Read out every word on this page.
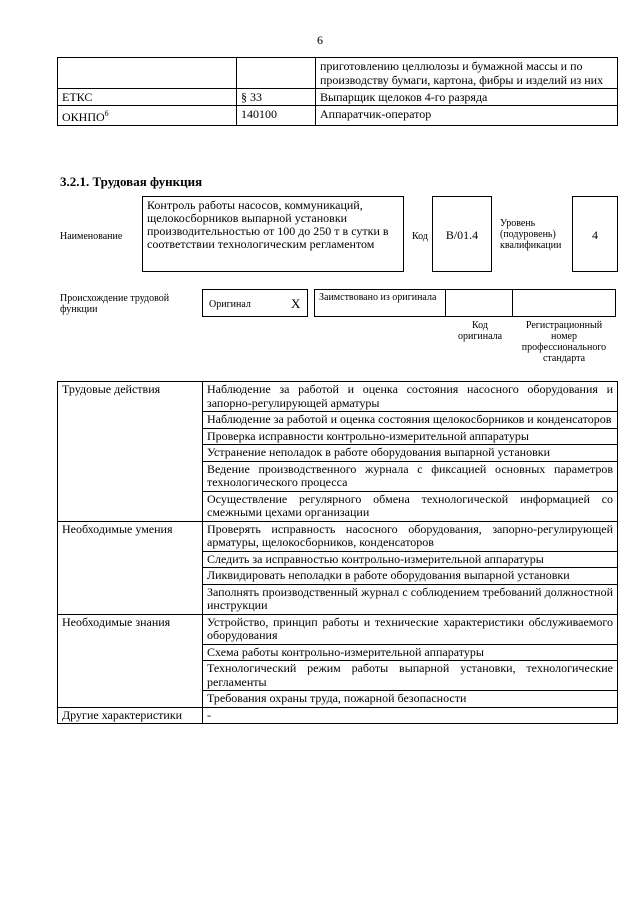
6
		приготовлению целлюлозы и бумажной массы и по производству бумаги, картона, фибры и изделий из них
ЕТКС	§ 33	Выпарщик щелоков 4-го разряда
ОКНПО$^6$	140100	Аппаратчик-оператор
3.2.1. Трудовая функция
Наименование
Контроль работы насосов, коммуникаций, щелокосборников выпарной установки производительностью от 100 до 250 т в сутки в соответствии технологическим регламентом
Код	B/01.4
Уровень (подуровень) квалификации
4
Происхождение трудовой функции	Оригинал	X	Заимствовано из оригинала
Код оригинала
Регистрационный номер профессионального стандарта
Трудовые действия	Наблюдение за работой и оценка состояния насосного оборудования и запорно-регулирующей арматуры
	Наблюдение за работой и оценка состояния щелокосборников и конденсаторов
	Проверка исправности контрольно-измерительной аппаратуры
	Устранение неполадок в работе оборудования выпарной установки
	Ведение производственного журнала с фиксацией основных параметров технологического процесса
	Осуществление регулярного обмена технологической информацией со смежными цехами организации
Необходимые умения	Проверять исправность насосного оборудования, запорно-регулирующей арматуры, щелокосборников, конденсаторов
	Следить за исправностью контрольно-измерительной аппаратуры
	Ликвидировать неполадки в работе оборудования выпарной установки
	Заполнять производственный журнал с соблюдением требований должностной инструкции
Необходимые знания	Устройство, принцип работы и технические характеристики обслуживаемого оборудования
	Схема работы контрольно-измерительной аппаратуры
	Технологический режим работы выпарной установки, технологические регламенты
	Требования охраны труда, пожарной безопасности
Другие характеристики	-
